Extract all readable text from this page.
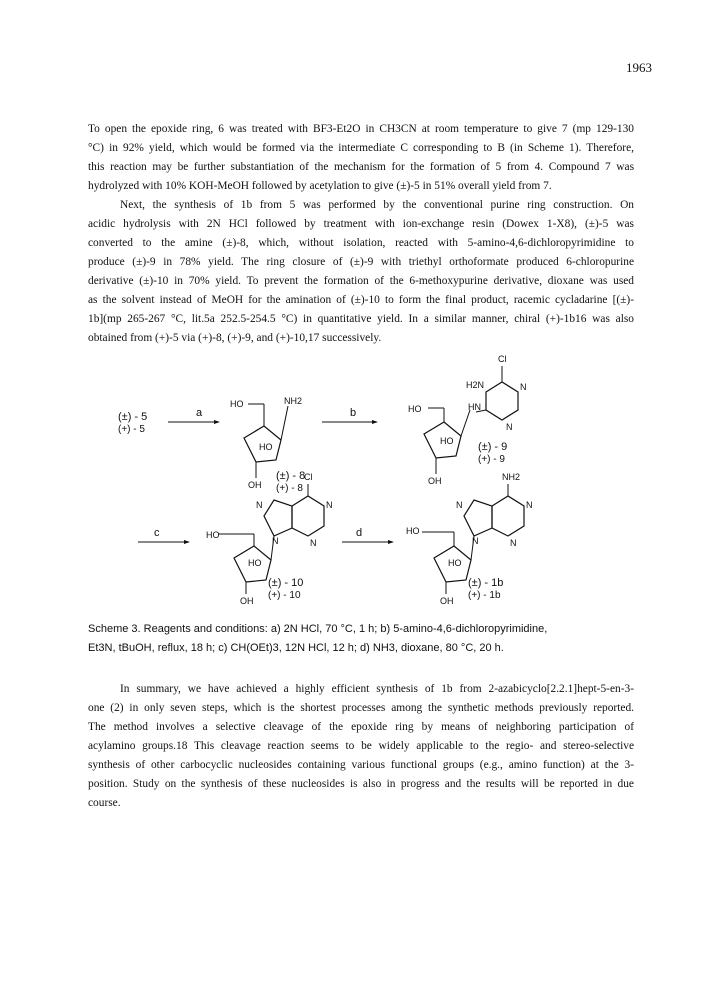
1963
To open the epoxide ring, 6 was treated with BF3-Et2O in CH3CN at room temperature to give 7 (mp 129-130
°C) in 92% yield, which would be formed via the intermediate C corresponding to B (in Scheme 1). Therefore,
this reaction may be further substantiation of the mechanism for the formation of 5 from 4. Compound 7 was
hydrolyzed with 10% KOH-MeOH followed by acetylation to give (±)-5 in 51% overall yield from 7.
Next, the synthesis of 1b from 5 was performed by the conventional purine ring construction. On
acidic hydrolysis with 2N HCl followed by treatment with ion-exchange resin (Dowex 1-X8), (±)-5 was
converted to the amine (±)-8, which, without isolation, reacted with 5-amino-4,6-dichloropyrimidine to
produce (±)-9 in 78% yield. The ring closure of (±)-9 with triethyl orthoformate produced 6-chloropurine
derivative (±)-10 in 70% yield. To prevent the formation of the 6-methoxypurine derivative, dioxane was used
as the solvent instead of MeOH for the amination of (±)-10 to form the final product, racemic cycladarine [(±)-
1b](mp 265-267 °C, lit.5a 252.5-254.5 °C) in quantitative yield. In a similar manner, chiral (+)-1b16 was also
obtained from (+)-5 via (+)-8, (+)-9, and (+)-10,17 successively.
(±) - 5
(+) - 5
a
HO	NH2
HO
OH
(±) - 8
(+) - 8
b	HO	HN
H2N
Cl
N
N
HO
OH
(±) - 9
(+) - 9
c	HO
Cl
N	N
N	N
HO
OH
(±) - 10
(+) - 10
d	HO
NH2
N	N
N	N
HO
OH
(±) - 1b
(+) - 1b
Scheme 3. Reagents and conditions: a) 2N HCl, 70 °C, 1 h; b) 5-amino-4,6-dichloropyrimidine,
Et3N, tBuOH, reflux, 18 h; c) CH(OEt)3, 12N HCl, 12 h; d) NH3, dioxane, 80 °C, 20 h.
In summary, we have achieved a highly efficient synthesis of 1b from 2-azabicyclo[2.2.1]hept-5-en-3-
one (2) in only seven steps, which is the shortest processes among the synthetic methods previously reported.
The method involves a selective cleavage of the epoxide ring by means of neighboring participation of
acylamino groups.18 This cleavage reaction seems to be widely applicable to the regio- and stereo-selective
synthesis of other carbocyclic nucleosides containing various functional groups (e.g., amino function) at the 3-
position. Study on the synthesis of these nucleosides is also in progress and the results will be reported in due
course.
